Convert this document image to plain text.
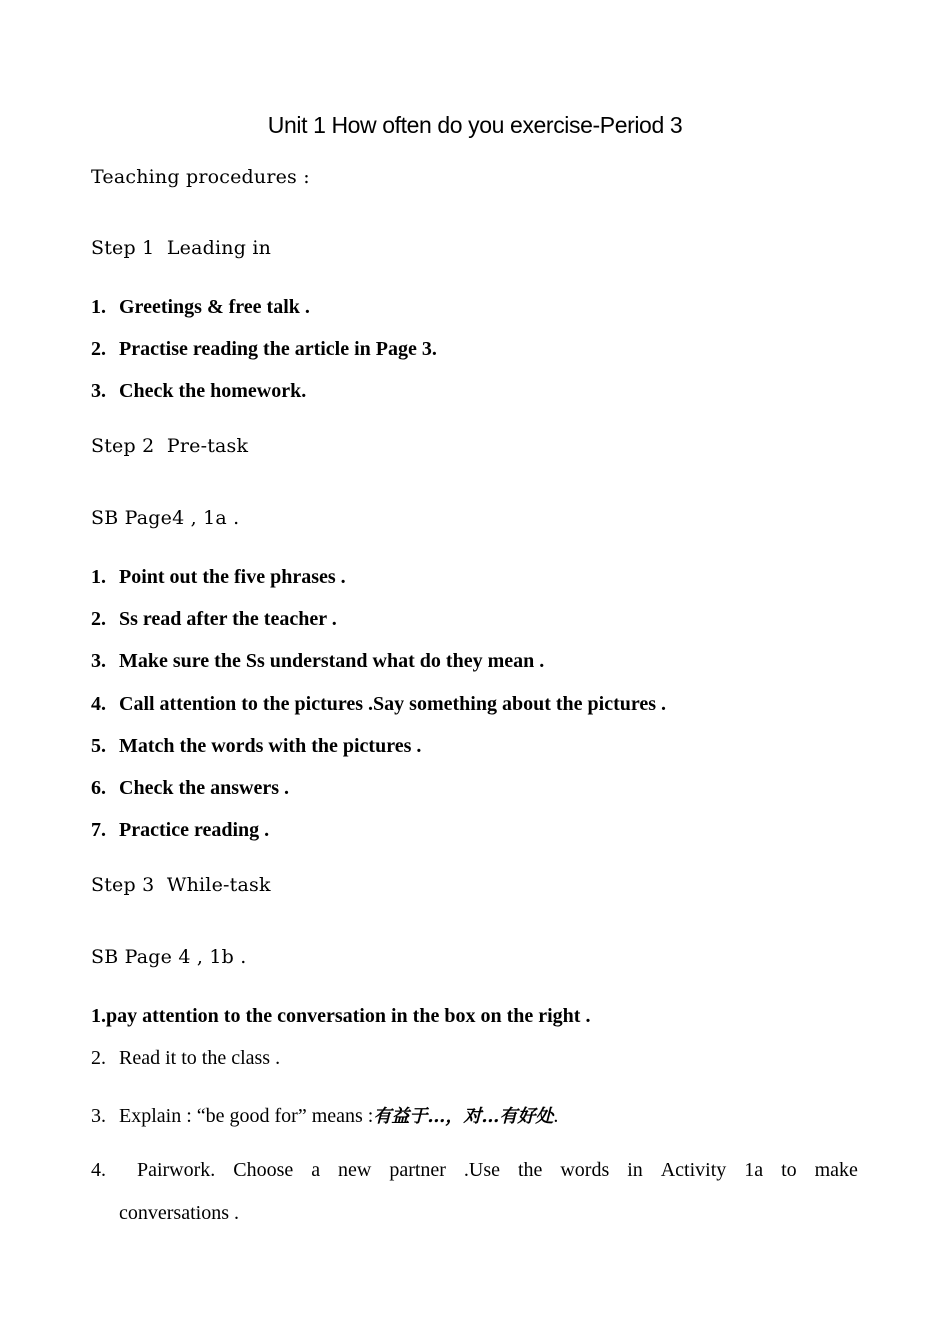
Unit 1 How often do you exercise-Period 3
Teaching procedures :
Step 1  Leading in
1. Greetings & free talk .
2. Practise reading the article in Page 3.
3. Check the homework.
Step 2  Pre-task
SB Page4 , 1a .
1. Point out the five phrases .
2. Ss read after the teacher .
3. Make sure the Ss understand what do they mean .
4. Call attention to the pictures .Say something about the pictures .
5. Match the words with the pictures .
6. Check the answers .
7. Practice reading .
Step 3  While-task
SB Page 4 , 1b .
1.pay attention to the conversation in the box on the right .
2. Read it to the class .
3. Explain : “be good for” means :有益于…，对…有好处.
4.	Pairwork. Choose a new partner .Use the words in Activity 1a to make
conversations .
